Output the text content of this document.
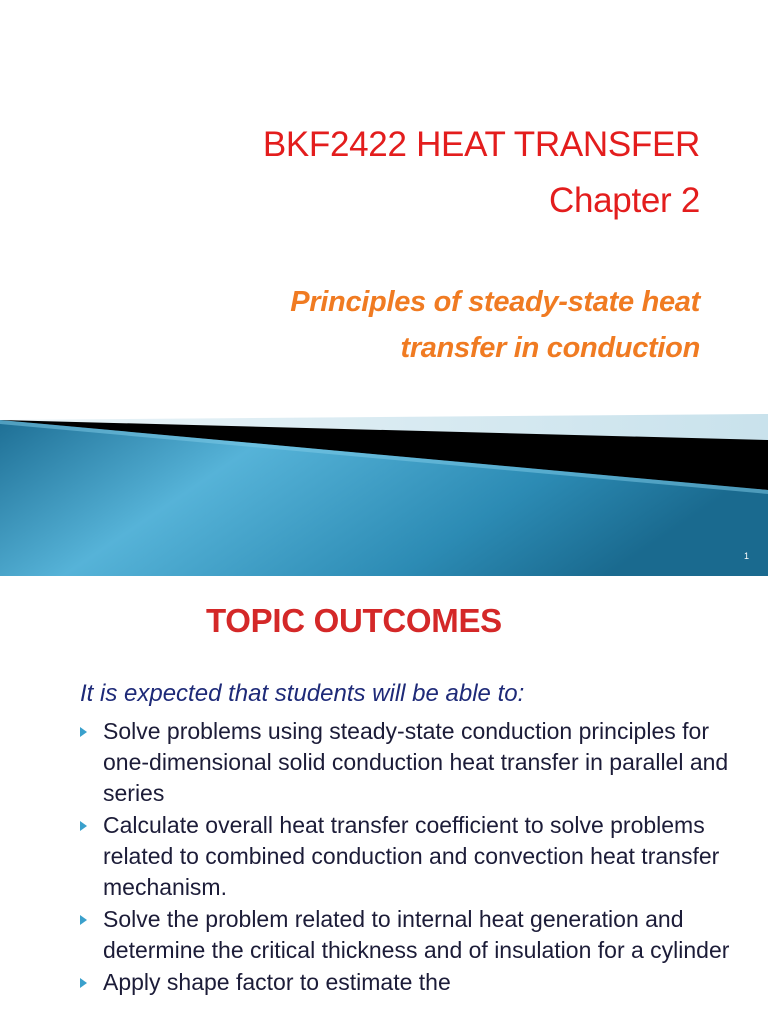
BKF2422 HEAT TRANSFER
Chapter 2
Principles of steady-state heat
transfer in conduction
1
TOPIC OUTCOMES
It is expected that students will be able to:
Solve problems using steady-state conduction principles for one-dimensional solid conduction heat transfer in parallel and series
Calculate overall heat transfer coefficient to solve problems related to combined conduction and convection heat transfer mechanism.
Solve the problem related to internal heat generation and determine the critical thickness and of insulation for a cylinder
Apply shape factor to estimate the
